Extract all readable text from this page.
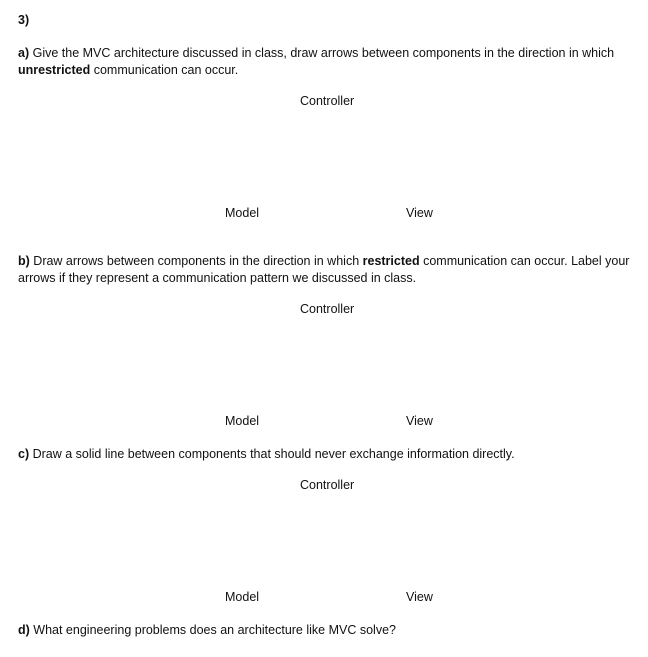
3)
a) Give the MVC architecture discussed in class, draw arrows between components in the direction in which unrestricted communication can occur.
Controller
Model	View
b) Draw arrows between components in the direction in which restricted communication can occur. Label your arrows if they represent a communication pattern we discussed in class.
Controller
Model	View
c) Draw a solid line between components that should never exchange information directly.
Controller
Model	View
d) What engineering problems does an architecture like MVC solve?
